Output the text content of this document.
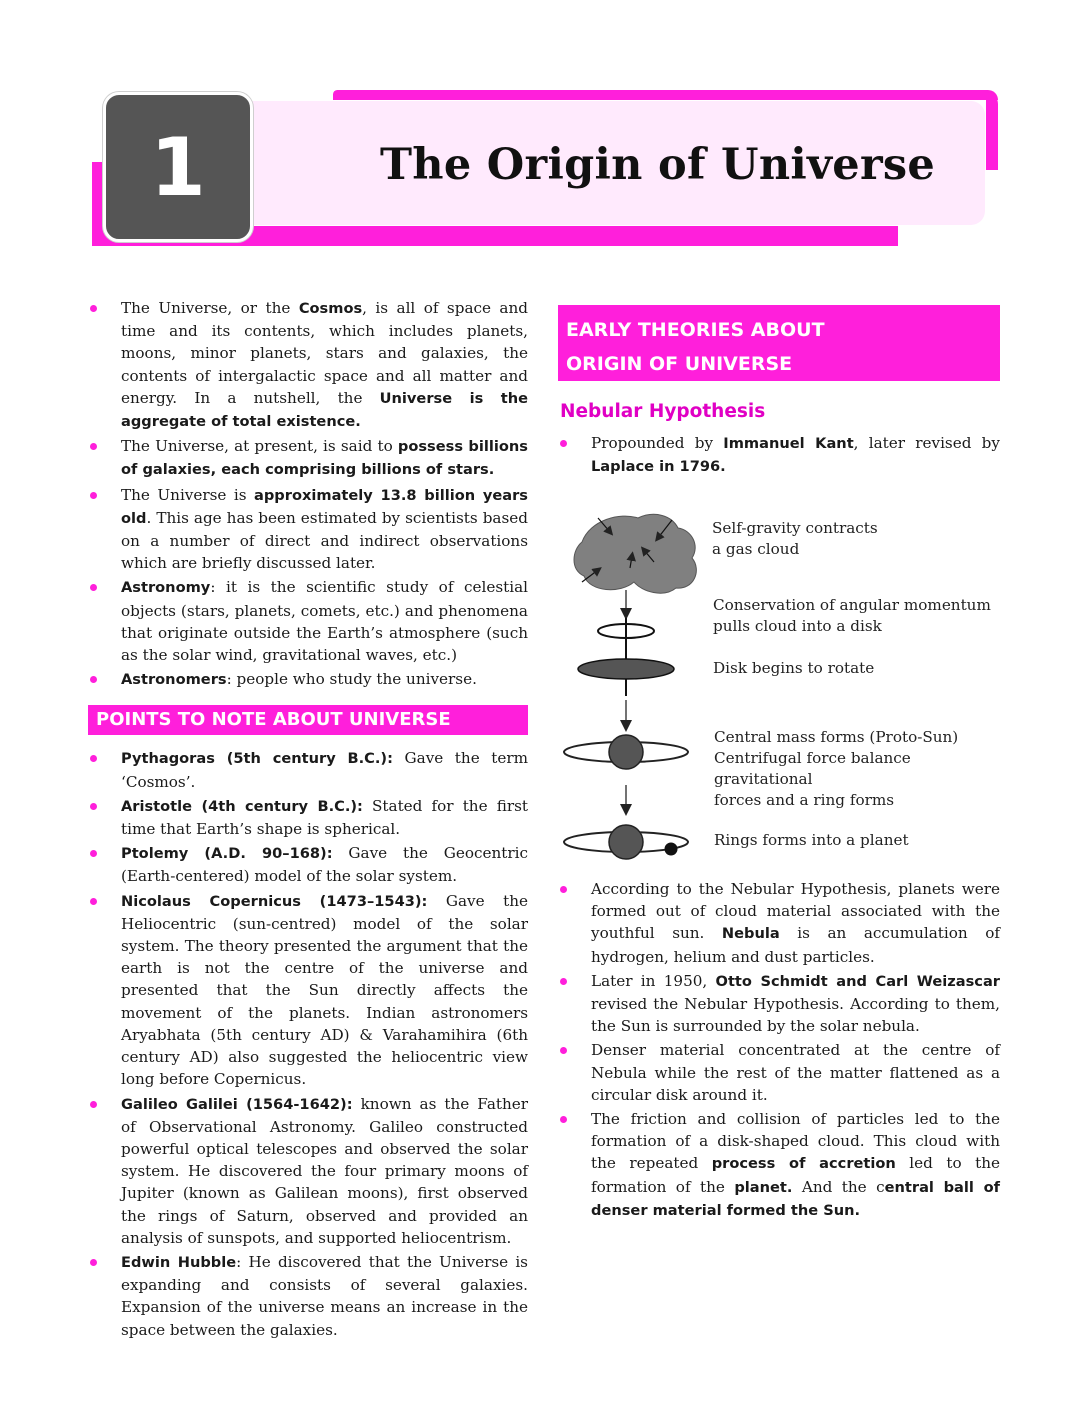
1	The Origin of Universe
The Universe, or the Cosmos, is all of space and time and its contents, which includes planets, moons, minor planets, stars and galaxies, the contents of intergalactic space and all matter and energy. In a nutshell, the Universe is the aggregate of total existence.
The Universe, at present, is said to possess billions of galaxies, each comprising billions of stars.
The Universe is approximately 13.8 billion years old. This age has been estimated by scientists based on a number of direct and indirect observations which are briefly discussed later.
Astronomy: it is the scientific study of celestial objects (stars, planets, comets, etc.) and phenomena that originate outside the Earth’s atmosphere (such as the solar wind, gravitational waves, etc.)
Astronomers: people who study the universe.
POINTS TO NOTE ABOUT UNIVERSE
Pythagoras (5th century B.C.): Gave the term ‘Cosmos’.
Aristotle (4th century B.C.): Stated for the first time that Earth’s shape is spherical.
Ptolemy (A.D. 90–168): Gave the Geocentric (Earth-centered) model of the solar system.
Nicolaus Copernicus (1473–1543): Gave the Heliocentric (sun-centred) model of the solar system. The theory presented the argument that the earth is not the centre of the universe and presented that the Sun directly affects the movement of the planets. Indian astronomers Aryabhata (5th century AD) & Varahamihira (6th century AD) also suggested the heliocentric view long before Copernicus.
Galileo Galilei (1564-1642): known as the Father of Observational Astronomy. Galileo constructed powerful optical telescopes and observed the solar system. He discovered the four primary moons of Jupiter (known as Galilean moons), first observed the rings of Saturn, observed and provided an analysis of sunspots, and supported heliocentrism.
Edwin Hubble: He discovered that the Universe is expanding and consists of several galaxies. Expansion of the universe means an increase in the space between the galaxies.
EARLY THEORIES ABOUT
ORIGIN OF UNIVERSE
Nebular Hypothesis
Propounded by Immanuel Kant, later revised by Laplace in 1796.
Self-gravity contracts
a gas cloud
Conservation of angular momentum
pulls cloud into a disk
Disk begins to rotate
Central mass forms (Proto-Sun)
Centrifugal force balance gravitational
forces and a ring forms
Rings forms into a planet
According to the Nebular Hypothesis, planets were formed out of cloud material associated with the youthful sun. Nebula is an accumulation of hydrogen, helium and dust particles.
Later in 1950, Otto Schmidt and Carl Weizascar revised the Nebular Hypothesis. According to them, the Sun is surrounded by the solar nebula.
Denser material concentrated at the centre of Nebula while the rest of the matter flattened as a circular disk around it.
The friction and collision of particles led to the formation of a disk-shaped cloud. This cloud with the repeated process of accretion led to the formation of the planet. And the central ball of denser material formed the Sun.
